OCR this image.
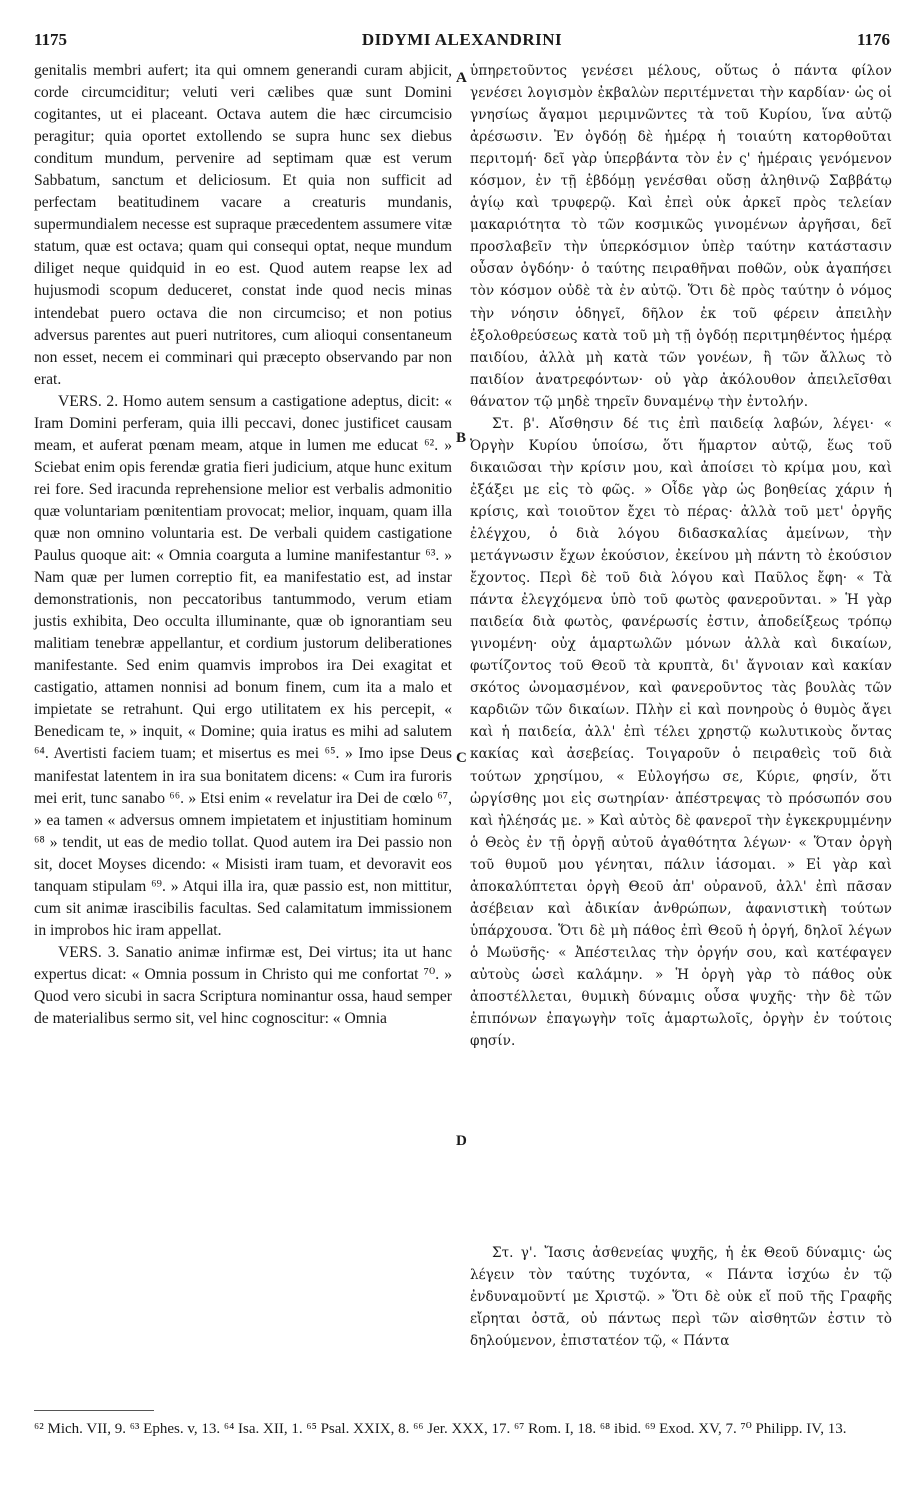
1175	DIDYMI ALEXANDRINI	1176

genitalis membri aufert; ita qui omnem generandi curam abjicit, corde circumciditur; veluti veri cælibes quæ sunt Domini cogitantes, ut ei placeant. Octava autem die hæc circumcisio peragitur; quia oportet extollendo se supra hunc sex diebus conditum mundum, pervenire ad septimam quæ est verum Sabbatum, sanctum et deliciosum. Et quia non sufficit ad perfectam beatitudinem vacare a creaturis mundanis, supermundialem necesse est supraque præcedentem assumere vitæ statum, quæ est octava; quam qui consequi optat, neque mundum diliget neque quidquid in eo est. Quod autem reapse lex ad hujusmodi scopum deduceret, constat inde quod necis minas intendebat puero octava die non circumciso; et non potius adversus parentes aut pueri nutritores, cum alioqui consentaneum non esset, necem ei comminari qui præcepto observando par non erat.

VERS. 2. Homo autem sensum a castigatione adeptus, dicit: « Iram Domini perferam, quia illi peccavi, donec justificet causam meam, et auferat pœnam meam, atque in lumen me educat ⁶². » Sciebat enim opis ferendæ gratia fieri judicium, atque hunc exitum rei fore. Sed iracunda reprehensione melior est verbalis admonitio quæ voluntariam pœnitentiam provocat; melior, inquam, quam illa quæ non omnino voluntaria est. De verbali quidem castigatione Paulus quoque ait: « Omnia coarguta a lumine manifestantur ⁶³. » Nam quæ per lumen correptio fit, ea manifestatio est, ad instar demonstrationis, non peccatoribus tantummodo, verum etiam justis exhibita, Deo occulta illuminante, quæ ob ignorantiam seu malitiam tenebræ appellantur, et cordium justorum deliberationes manifestante. Sed enim quamvis improbos ira Dei exagitat et castigatio, attamen nonnisi ad bonum finem, cum ita a malo et impietate se retrahunt. Qui ergo utilitatem ex his percepit, « Benedicam te, » inquit, « Domine; quia iratus es mihi ad salutem ⁶⁴. Avertisti faciem tuam; et misertus es mei ⁶⁵. » Imo ipse Deus manifestat latentem in ira sua bonitatem dicens: « Cum ira furoris mei erit, tunc sanabo ⁶⁶. » Etsi enim « revelatur ira Dei de cœlo ⁶⁷, » ea tamen « adversus omnem impietatem et injustitiam hominum ⁶⁸ » tendit, ut eas de medio tollat. Quod autem ira Dei passio non sit, docet Moyses dicendo: « Misisti iram tuam, et devoravit eos tanquam stipulam ⁶⁹. » Atqui illa ira, quæ passio est, non mittitur, cum sit animæ irascibilis facultas. Sed calamitatum immissionem in improbos hic iram appellat.

VERS. 3. Sanatio animæ infirmæ est, Dei virtus; ita ut hanc expertus dicat: « Omnia possum in Christo qui me confortat ⁷⁰. » Quod vero sicubi in sacra Scriptura nominantur ossa, haud semper de materialibus sermo sit, vel hinc cognoscitur: « Omnia

ὑπηρετοῦντος γενέσει μέλους, οὕτως ὁ πάντα φίλον γενέσει λογισμὸν ἐκβαλὼν περιτέμνεται τὴν καρδίαν· ὡς οἱ γνησίως ἄγαμοι μεριμνῶντες τὰ τοῦ Κυρίου, ἵνα αὐτῷ ἀρέσωσιν. Ἐν ὀγδόῃ δὲ ἡμέρᾳ ἡ τοιαύτη κατορθοῦται περιτομή· δεῖ γὰρ ὑπερβάντα τὸν ἐν ς' ἡμέραις γενόμενον κόσμον, ἐν τῇ ἑβδόμῃ γενέσθαι οὔσῃ ἀληθινῷ Σαββάτῳ ἁγίῳ καὶ τρυφερῷ. Καὶ ἐπεὶ οὐκ ἀρκεῖ πρὸς τελείαν μακαριότητα τὸ τῶν κοσμικῶς γινομένων ἀργῆσαι, δεῖ προσλαβεῖν τὴν ὑπερκόσμιον ὑπὲρ ταύτην κατάστασιν οὖσαν ὀγδόην· ὁ ταύτης πειραθῆναι ποθῶν, οὐκ ἀγαπήσει τὸν κόσμον οὐδὲ τὰ ἐν αὐτῷ. Ὅτι δὲ πρὸς ταύτην ὁ νόμος τὴν νόησιν ὁδηγεῖ, δῆλον ἐκ τοῦ φέρειν ἀπειλὴν ἐξολοθρεύσεως κατὰ τοῦ μὴ τῇ ὀγδόῃ περιτμηθέντος ἡμέρᾳ παιδίου, ἀλλὰ μὴ κατὰ τῶν γονέων, ἢ τῶν ἄλλως τὸ παιδίον ἀνατρεφόντων· οὐ γὰρ ἀκόλουθον ἀπειλεῖσθαι θάνατον τῷ μηδὲ τηρεῖν δυναμένῳ τὴν ἐντολήν.

Στ. β'. Αἴσθησιν δέ τις ἐπὶ παιδείᾳ λαβών, λέγει· « Ὀργὴν Κυρίου ὑποίσω, ὅτι ἥμαρτον αὐτῷ, ἕως τοῦ δικαιῶσαι τὴν κρίσιν μου, καὶ ἀποίσει τὸ κρίμα μου, καὶ ἐξάξει με εἰς τὸ φῶς. » Οἶδε γὰρ ὡς βοηθείας χάριν ἡ κρίσις, καὶ τοιοῦτον ἔχει τὸ πέρας· ἀλλὰ τοῦ μετ' ὀργῆς ἐλέγχου, ὁ διὰ λόγου διδασκαλίας ἀμείνων, τὴν μετάγνωσιν ἔχων ἑκούσιον, ἐκείνου μὴ πάντη τὸ ἑκούσιον ἔχοντος. Περὶ δὲ τοῦ διὰ λόγου καὶ Παῦλος ἔφη· « Τὰ πάντα ἐλεγχόμενα ὑπὸ τοῦ φωτὸς φανεροῦνται. » Ἡ γὰρ παιδεία διὰ φωτὸς, φανέρωσίς ἐστιν, ἀποδείξεως τρόπῳ γινομένη· οὐχ ἁμαρτωλῶν μόνων ἀλλὰ καὶ δικαίων, φωτίζοντος τοῦ Θεοῦ τὰ κρυπτὰ, δι' ἄγνοιαν καὶ κακίαν σκότος ὠνομασμένον, καὶ φανεροῦντος τὰς βουλὰς τῶν καρδιῶν τῶν δικαίων. Πλὴν εἰ καὶ πονηροὺς ὁ θυμὸς ἄγει καὶ ἡ παιδεία, ἀλλ' ἐπὶ τέλει χρηστῷ κωλυτικοὺς ὄντας κακίας καὶ ἀσεβείας. Τοιγαροῦν ὁ πειραθεὶς τοῦ διὰ τούτων χρησίμου, « Εὐλογήσω σε, Κύριε, φησίν, ὅτι ὠργίσθης μοι εἰς σωτηρίαν· ἀπέστρεψας τὸ πρόσωπόν σου καὶ ἠλέησάς με. » Καὶ αὐτὸς δὲ φανεροῖ τὴν ἐγκεκρυμμένην ὁ Θεὸς ἐν τῇ ὀργῇ αὐτοῦ ἀγαθότητα λέγων· « Ὅταν ὀργὴ τοῦ θυμοῦ μου γένηται, πάλιν ἰάσομαι. » Εἰ γὰρ καὶ ἀποκαλύπτεται ὀργὴ Θεοῦ ἀπ' οὐρανοῦ, ἀλλ' ἐπὶ πᾶσαν ἀσέβειαν καὶ ἀδικίαν ἀνθρώπων, ἀφανιστικὴ τούτων ὑπάρχουσα. Ὅτι δὲ μὴ πάθος ἐπὶ Θεοῦ ἡ ὀργή, δηλοῖ λέγων ὁ Μωϋσῆς· « Ἀπέστειλας τὴν ὀργήν σου, καὶ κατέφαγεν αὐτοὺς ὡσεὶ καλάμην. » Ἡ ὀργὴ γὰρ τὸ πάθος οὐκ ἀποστέλλεται, θυμικὴ δύναμις οὖσα ψυχῆς· τὴν δὲ τῶν ἐπιπόνων ἐπαγωγὴν τοῖς ἁμαρτωλοῖς, ὀργὴν ἐν τούτοις φησίν.

Στ. γ'. Ἴασις ἀσθενείας ψυχῆς, ἡ ἐκ Θεοῦ δύναμις· ὡς λέγειν τὸν ταύτης τυχόντα, « Πάντα ἰσχύω ἐν τῷ ἐνδυναμοῦντί με Χριστῷ. » Ὅτι δὲ οὐκ εἴ ποῦ τῆς Γραφῆς εἴρηται ὀστᾶ, οὐ πάντως περὶ τῶν αἰσθητῶν ἐστιν τὸ δηλούμενον, ἐπιστατέον τῷ, « Πάντα
A
B
C
D
⁶² Mich. VII, 9. ⁶³ Ephes. v, 13. ⁶⁴ Isa. XII, 1. ⁶⁵ Psal. XXIX, 8. ⁶⁶ Jer. XXX, 17. ⁶⁷ Rom. I, 18. ⁶⁸ ibid. ⁶⁹ Exod. XV, 7. ⁷⁰ Philipp. IV, 13.
